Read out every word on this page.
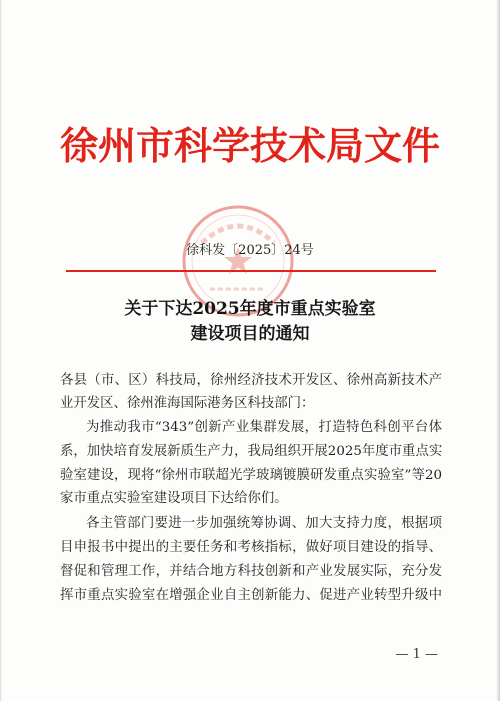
徐州市科学技术局文件
徐科发〔2025〕24号
关于下达2025年度市重点实验室
建设项目的通知
各县（市、区）科技局，徐州经济技术开发区、徐州高新技术产
业开发区、徐州淮海国际港务区科技部门：
为推动我市“343”创新产业集群发展，打造特色科创平台体
系，加快培育发展新质生产力，我局组织开展2025年度市重点实
验室建设，现将“徐州市联超光学玻璃镀膜研发重点实验室”等20
家市重点实验室建设项目下达给你们。
各主管部门要进一步加强统筹协调、加大支持力度，根据项
目申报书中提出的主要任务和考核指标，做好项目建设的指导、
督促和管理工作，并结合地方科技创新和产业发展实际，充分发
挥市重点实验室在增强企业自主创新能力、促进产业转型升级中
— 1 —
